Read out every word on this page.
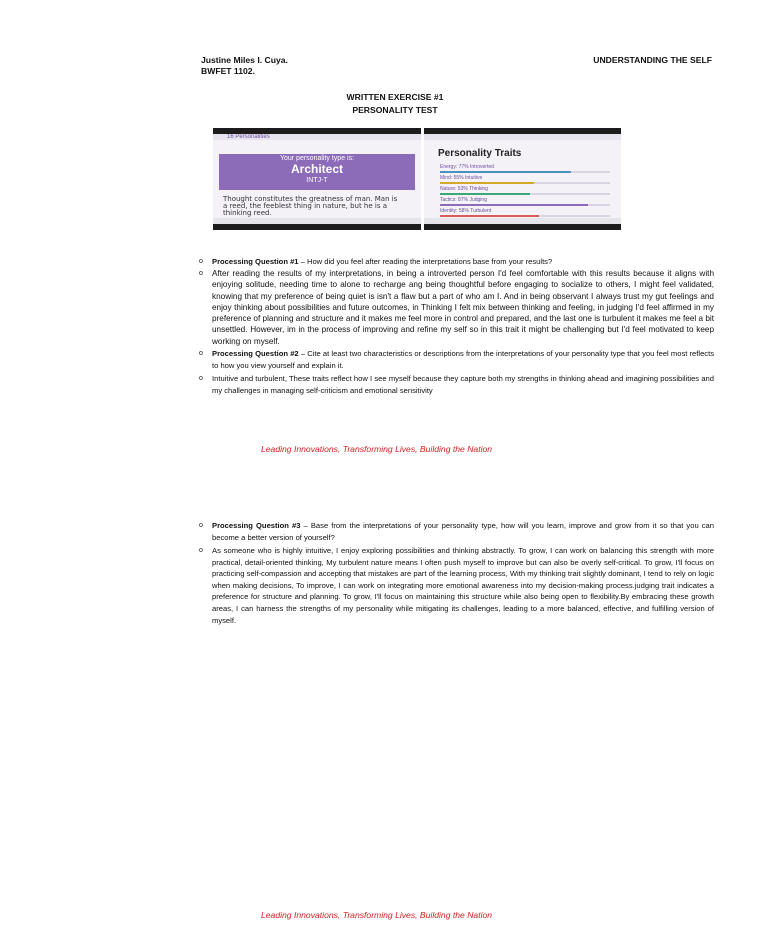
Justine Miles I. Cuya.
BWFET 1102.
UNDERSTANDING THE SELF
WRITTEN EXERCISE #1
PERSONALITY TEST
16 Personalities
Your personality type is:
Architect
INTJ-T
Thought constitutes the greatness of man. Man is a reed, the feeblest thing in nature, but he is a thinking reed.
Personality Traits
Energy: 77% Introverted
Mind: 55% Intuitive
Nature: 53% Thinking
Tactics: 87% Judging
Identity: 58% Turbulent
o Processing Question #1 – How did you feel after reading the interpretations base from your results?
o After reading the results of my interpretations, in being a introverted person I'd feel comfortable with this results because it aligns with enjoying solitude, needing time to alone to recharge ang being thoughtful before engaging to socialize to others, I might feel validated, knowing that my preference of being quiet is isn't a flaw but a part of who am I. And in being observant I always trust my gut feelings and enjoy thinking about possibilities and future outcomes, in Thinking I felt mix between thinking and feeling, in judging I'd feel affirmed in my preference of planning and structure and it makes me feel more in control and prepared, and the last one is turbulent it makes me feel a bit unsettled. However, im in the process of improving and refine my self so in this trait it might be challenging but I'd feel motivated to keep working on myself.
o Processing Question #2 – Cite at least two characteristics or descriptions from the interpretations of your personality type that you feel most reflects to how you view yourself and explain it.
o Intuitive and turbulent, These traits reflect how I see myself because they capture both my strengths in thinking ahead and imagining possibilities and my challenges in managing self-criticism and emotional sensitivity
Leading Innovations, Transforming Lives, Building the Nation
o Processing Question #3 – Base from the interpretations of your personality type, how will you learn, improve and grow from it so that you can become a better version of yourself?
o As someone who is highly intuitive, I enjoy exploring possibilities and thinking abstractly. To grow, I can work on balancing this strength with more practical, detail-oriented thinking, My turbulent nature means I often push myself to improve but can also be overly self-critical. To grow, I'll focus on practicing self-compassion and accepting that mistakes are part of the learning process, With my thinking trait slightly dominant, I tend to rely on logic when making decisions, To improve, I can work on integrating more emotional awareness into my decision-making process.judging trait indicates a preference for structure and planning. To grow, I'll focus on maintaining this structure while also being open to flexibility.By embracing these growth areas, I can harness the strengths of my personality while mitigating its challenges, leading to a more balanced, effective, and fulfilling version of myself.
Leading Innovations, Transforming Lives, Building the Nation
